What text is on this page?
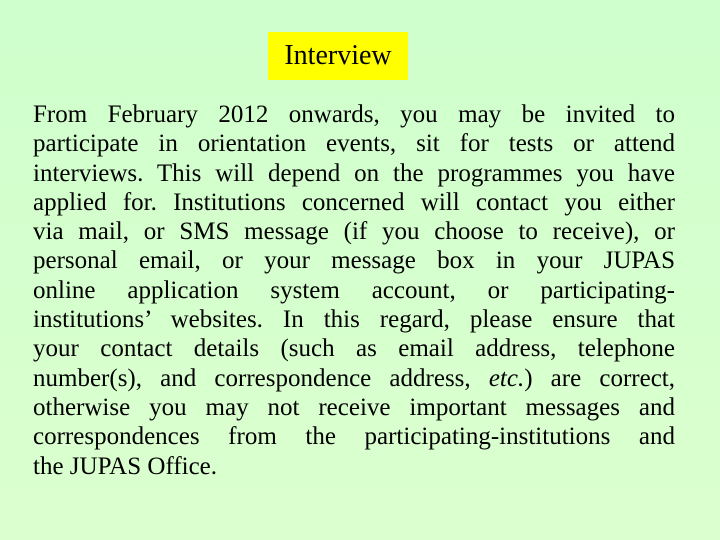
Interview
From February 2012 onwards, you may be invited to
participate in orientation events, sit for tests or attend
interviews. This will depend on the programmes you have
applied for. Institutions concerned will contact you either
via mail, or SMS message (if you choose to receive), or
personal email, or your message box in your JUPAS
online application system account, or participating-
institutions’ websites. In this regard, please ensure that
your contact details (such as email address, telephone
number(s), and correspondence address, etc.) are correct,
otherwise you may not receive important messages and
correspondences from the participating-institutions and
the JUPAS Office.
